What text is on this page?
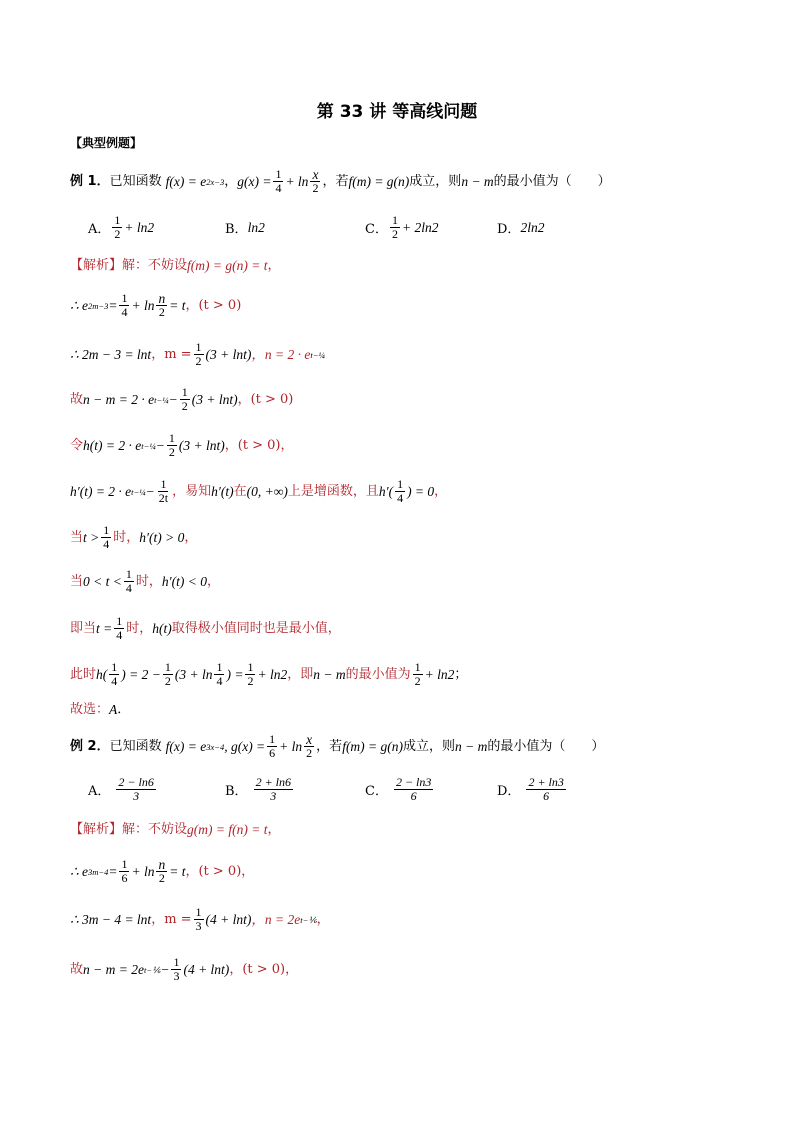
第 33 讲 等高线问题
【典型例题】
例 1． 已知函数 f(x) = e 2x−3 ， $g(x) = \frac{1}{4} + \ln \frac{x}{2}$ ，若 f(m) = g(n) 成立，则 n − m 的最小值为（　　）
A． $\frac{1}{2} + \ln 2$	B． ln2	C． $\frac{1}{2} + 2\ln 2$	D． 2ln2
【解析】 解：不妨设 f(m) = g(n) = t ，
∴ e $2m-3 = \frac{1}{4} + \ln \frac{n}{2} = t$ ，(t > 0)
∴ 2m − 3 = lnt ，$m = \frac{1}{2} (3 + \ln t)$ ，n = 2 · e t−¼
故 n − m = 2 · e t−¼ − $\frac{1}{2} (3 + \ln t)$ ，(t > 0)
令 h(t) = 2 · e t−¼ − $\frac{1}{2} (3 + \ln t)$ ，(t > 0)，
h′(t) = 2 · e t−¼ − $\frac{1}{2t}$ ，易知 h′(t) 在 (0, +∞) 上是增函数，且 $h'( \frac{1}{4}$ ) = 0 ，
当 $t > \frac{1}{4}$ 时， h′(t) > 0 ，
当 $0 < t < \frac{1}{4}$ 时， h′(t) < 0 ，
即当 $t = \frac{1}{4}$ 时， h(t) 取得极小值同时也是最小值，
此时 $h( \frac{1}{4}$ ) = $2 - \frac{1}{2} (3 + \ln \frac{1}{4}$ ) = $\frac{1}{2} + \ln 2$ ，即 n − m 的最小值为 $\frac{1}{2} + \ln 2$ ；
故选： A ．
例 2． 已知函数 f(x) = e 3x−4 , $g(x) = \frac{1}{6} + \ln \frac{x}{2}$ ，若 f(m) = g(n) 成立，则 n − m 的最小值为（　　）
A． $\frac{2 - \ln 6}{3}$	B． $\frac{2 + \ln 6}{3}$	C． $\frac{2 - \ln 3}{6}$	D． $\frac{2 + \ln 3}{6}$
【解析】 解：不妨设 g(m) = f(n) = t ，
∴ e $3m-4 = \frac{1}{6} + \ln \frac{n}{2} = t$ ，(t > 0)，
∴ 3m − 4 = lnt ，$m = \frac{1}{3} (4 + \ln t)$ ，n = 2e t−⅙ ，
故 n − m = 2e t−⅙ − $\frac{1}{3} (4 + \ln t)$ ，(t > 0)，
